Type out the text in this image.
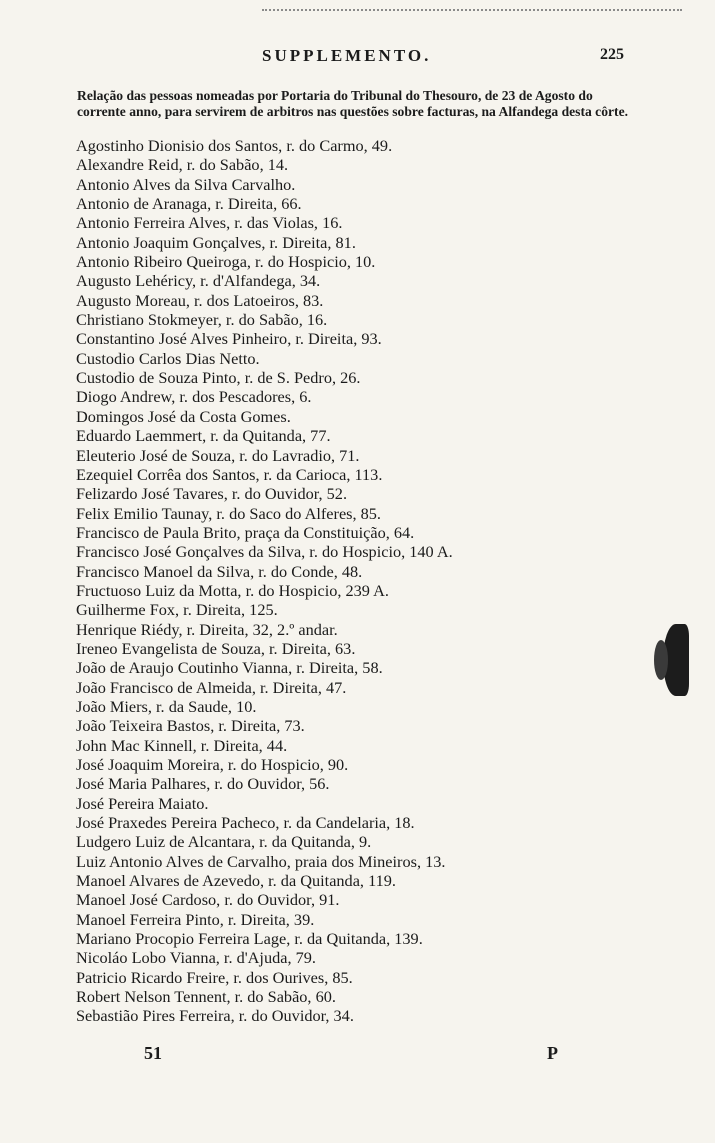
SUPPLEMENTO.	225

Relação das pessoas nomeadas por Portaria do Tribunal do Thesouro, de 23 de Agosto do corrente anno, para servirem de arbitros nas questões sobre facturas, na Alfandega desta côrte.

Agostinho Dionisio dos Santos, r. do Carmo, 49.
Alexandre Reid, r. do Sabão, 14.
Antonio Alves da Silva Carvalho.
Antonio de Aranaga, r. Direita, 66.
Antonio Ferreira Alves, r. das Violas, 16.
Antonio Joaquim Gonçalves, r. Direita, 81.
Antonio Ribeiro Queiroga, r. do Hospicio, 10.
Augusto Lehéricy, r. d'Alfandega, 34.
Augusto Moreau, r. dos Latoeiros, 83.
Christiano Stokmeyer, r. do Sabão, 16.
Constantino José Alves Pinheiro, r. Direita, 93.
Custodio Carlos Dias Netto.
Custodio de Souza Pinto, r. de S. Pedro, 26.
Diogo Andrew, r. dos Pescadores, 6.
Domingos José da Costa Gomes.
Eduardo Laemmert, r. da Quitanda, 77.
Eleuterio José de Souza, r. do Lavradio, 71.
Ezequiel Corrêa dos Santos, r. da Carioca, 113.
Felizardo José Tavares, r. do Ouvidor, 52.
Felix Emilio Taunay, r. do Saco do Alferes, 85.
Francisco de Paula Brito, praça da Constituição, 64.
Francisco José Gonçalves da Silva, r. do Hospicio, 140 A.
Francisco Manoel da Silva, r. do Conde, 48.
Fructuoso Luiz da Motta, r. do Hospicio, 239 A.
Guilherme Fox, r. Direita, 125.
Henrique Riédy, r. Direita, 32, 2.º andar.
Ireneo Evangelista de Souza, r. Direita, 63.
João de Araujo Coutinho Vianna, r. Direita, 58.
João Francisco de Almeida, r. Direita, 47.
João Miers, r. da Saude, 10.
João Teixeira Bastos, r. Direita, 73.
John Mac Kinnell, r. Direita, 44.
José Joaquim Moreira, r. do Hospicio, 90.
José Maria Palhares, r. do Ouvidor, 56.
José Pereira Maiato.
José Praxedes Pereira Pacheco, r. da Candelaria, 18.
Ludgero Luiz de Alcantara, r. da Quitanda, 9.
Luiz Antonio Alves de Carvalho, praia dos Mineiros, 13.
Manoel Alvares de Azevedo, r. da Quitanda, 119.
Manoel José Cardoso, r. do Ouvidor, 91.
Manoel Ferreira Pinto, r. Direita, 39.
Mariano Procopio Ferreira Lage, r. da Quitanda, 139.
Nicoláo Lobo Vianna, r. d'Ajuda, 79.
Patricio Ricardo Freire, r. dos Ourives, 85.
Robert Nelson Tennent, r. do Sabão, 60.
Sebastião Pires Ferreira, r. do Ouvidor, 34.
51	P
